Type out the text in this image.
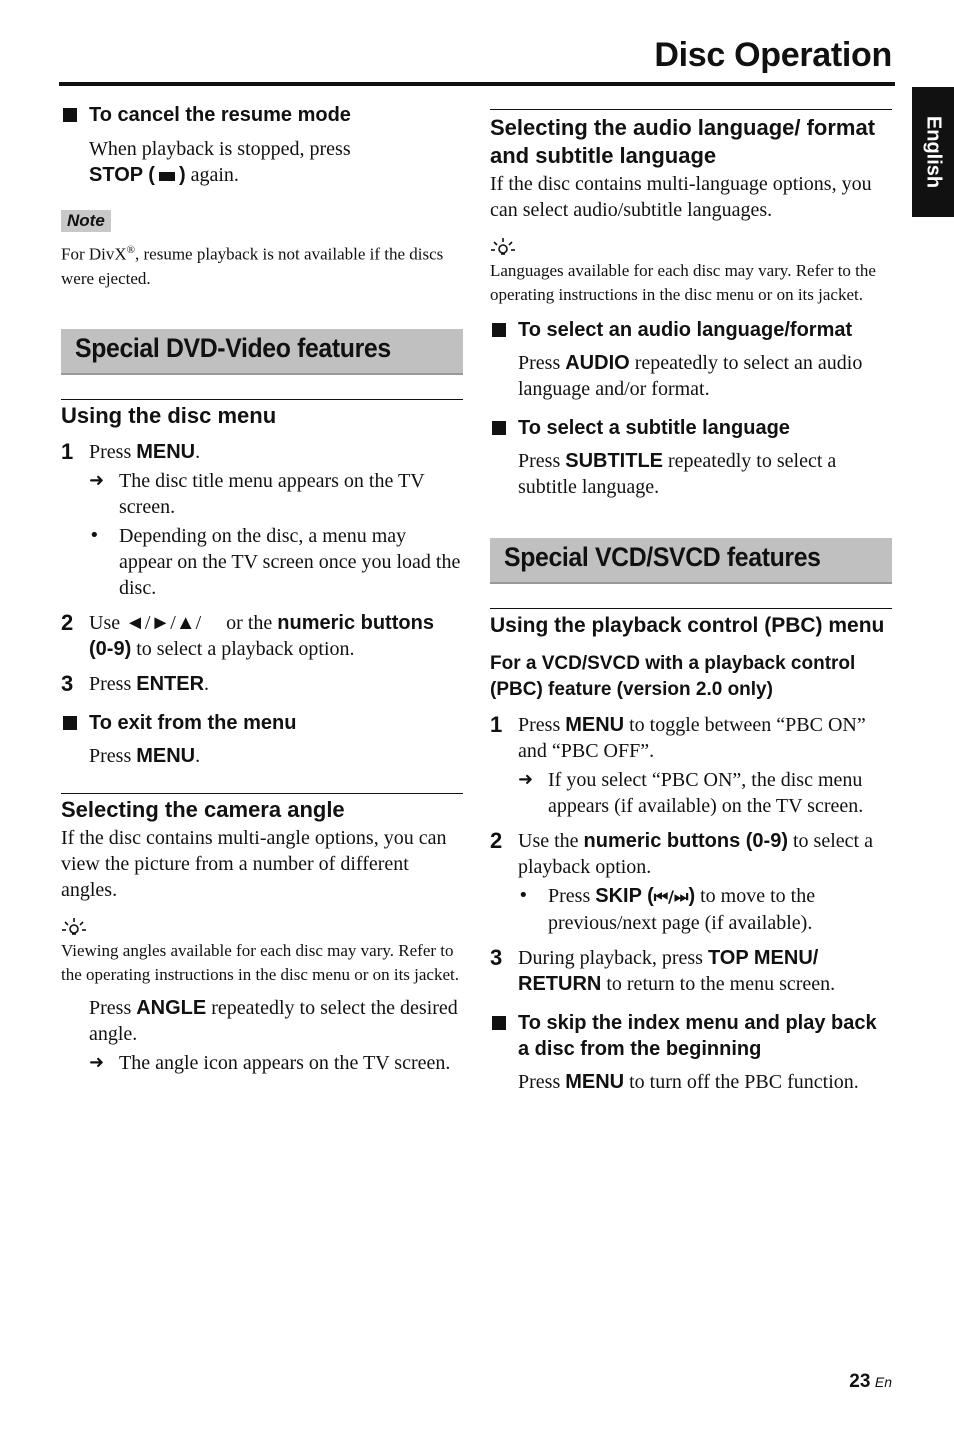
Disc Operation
English
To cancel the resume mode
When playback is stopped, press
STOP ( ) again.
Note
For DivX®, resume playback is not available if the discs were ejected.
Special DVD-Video features
Using the disc menu
1 Press MENU.
➜ The disc title menu appears on the TV screen.
• Depending on the disc, a menu may appear on the TV screen once you load the disc.
2 Use ◄/►/▲/     or the numeric buttons (0-9) to select a playback option.
3 Press ENTER.
To exit from the menu
Press MENU.
Selecting the camera angle
If the disc contains multi-angle options, you can view the picture from a number of different angles.
Viewing angles available for each disc may vary. Refer to the operating instructions in the disc menu or on its jacket.
Press ANGLE repeatedly to select the desired angle.
➜ The angle icon appears on the TV screen.
Selecting the audio language/ format and subtitle language
If the disc contains multi-language options, you can select audio/subtitle languages.
Languages available for each disc may vary. Refer to the operating instructions in the disc menu or on its jacket.
To select an audio language/format
Press AUDIO repeatedly to select an audio language and/or format.
To select a subtitle language
Press SUBTITLE repeatedly to select a subtitle language.
Special VCD/SVCD features
Using the playback control (PBC) menu
For a VCD/SVCD with a playback control (PBC) feature (version 2.0 only)
1 Press MENU to toggle between “PBC ON” and “PBC OFF”.
➜ If you select “PBC ON”, the disc menu appears (if available) on the TV screen.
2 Use the numeric buttons (0-9) to select a playback option.
• Press SKIP (⏮/⏭) to move to the previous/next page (if available).
3 During playback, press TOP MENU/ RETURN to return to the menu screen.
To skip the index menu and play back a disc from the beginning
Press MENU to turn off the PBC function.
23 En
